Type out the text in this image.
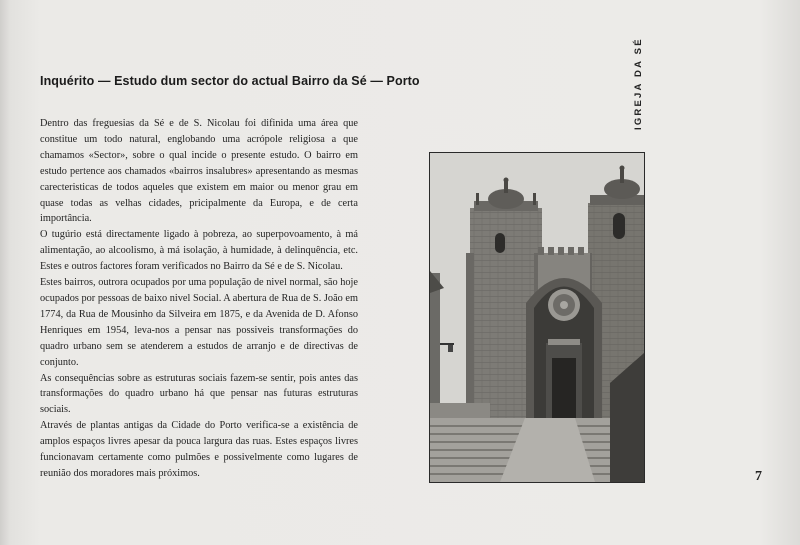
Inquérito — Estudo dum sector do actual Bairro da Sé — Porto

Dentro das freguesias da Sé e de S. Nicolau foi difinida uma área que constitue um todo natural, englobando uma acrópole religiosa a que chamamos «Sector», sobre o qual incide o presente estudo. O bairro em estudo pertence aos chamados «bairros insalubres» apresentando as mesmas carecteristicas de todos aqueles que existem em maior ou menor grau em quase todas as velhas cidades, pricipalmente da Europa, e de certa importância.

O tugúrio está directamente ligado à pobreza, ao superpovoamento, à má alimentação, ao alcoolismo, à má isolação, à humidade, à delinquência, etc. Estes e outros factores foram verificados no Bairro da Sé e de S. Nicolau.

Estes bairros, outrora ocupados por uma população de nivel normal, são hoje ocupados por pessoas de baixo nivel Social. A abertura de Rua de S. João em 1774, da Rua de Mousinho da Silveira em 1875, e da Avenida de D. Afonso Henriques em 1954, leva-nos a pensar nas possiveis transformações do quadro urbano sem se atenderem a estudos de arranjo e de directivas de conjunto.

As consequências sobre as estruturas sociais fazem-se sentir, pois antes das transformações do quadro urbano há que pensar nas futuras estruturas sociais.

Através de plantas antigas da Cidade do Porto verifica-se a existência de amplos espaços livres apesar da pouca largura das ruas. Estes espaços livres funcionavam certamente como pulmões e possivelmente como lugares de reunião dos moradores mais próximos.

IGREJA DA SÉ
7
